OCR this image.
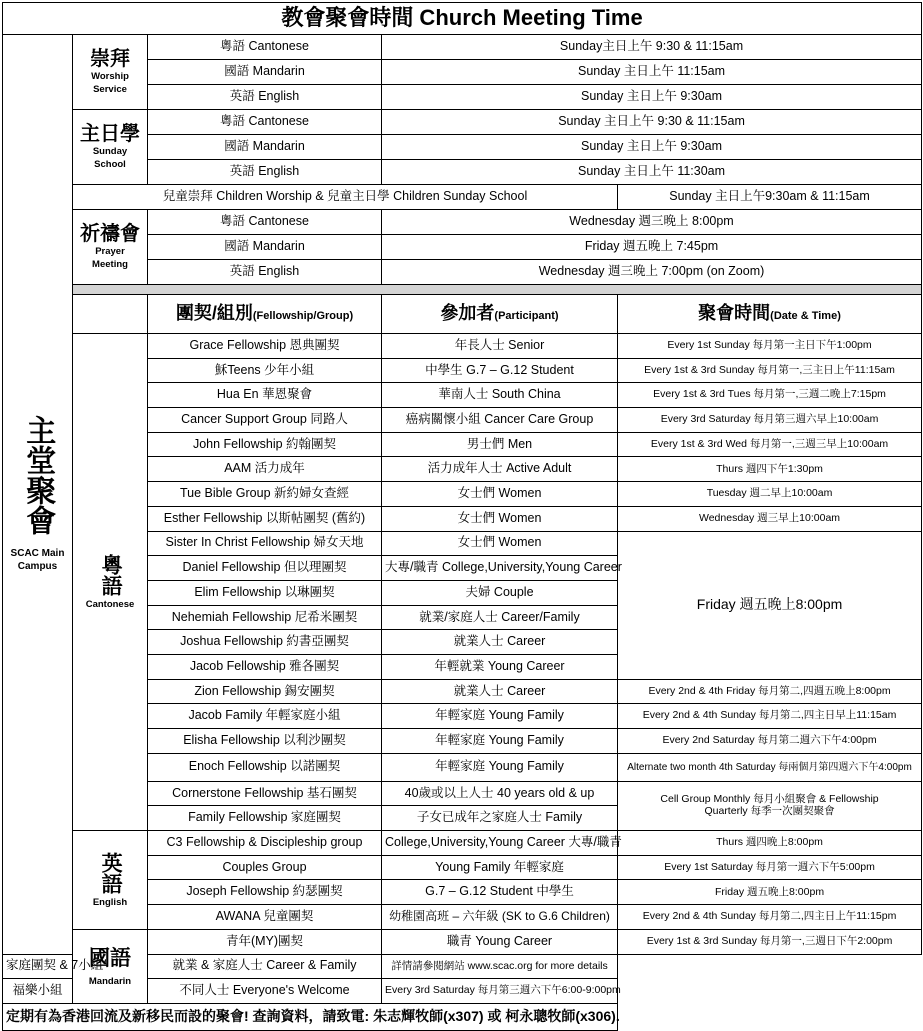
教會聚會時間 Church Meeting Time				

主堂聚會
SCAC Main Campus	崇拜
Worship Service	粵語 Cantonese	Sunday主日上午 9:30 & 11:15am	
		國語 Mandarin	Sunday 主日上午 11:15am	
		英語 English	Sunday 主日上午 9:30am	

	主日學
Sunday School	粵語 Cantonese	Sunday 主日上午 9:30 & 11:15am	
		國語 Mandarin	Sunday 主日上午 9:30am	
		英語 English	Sunday 主日上午 11:30am	
	兒童崇拜 Children Worship & 兒童主日學 Children Sunday School			Sunday 主日上午9:30am & 11:15am

	祈禱會
Prayer Meeting	粵語 Cantonese	Wednesday 週三晚上 8:00pm	
		國語 Mandarin	Friday 週五晚上 7:45pm	
		英語 English	Wednesday 週三晚上 7:00pm (on Zoom)	

		團契/組別(Fellowship/Group)	參加者(Participant)	聚會時間(Date & Time)

	粵語
Cantonese	Grace Fellowship 恩典團契	年長人士 Senior	Every 1st Sunday 每月第一主日下午1:00pm
		穌Teens 少年小組	中學生 G.7 – G.12 Student	Every 1st & 3rd Sunday 每月第一,三主日上午11:15am
		Hua En 華恩聚會	華南人士 South China	Every 1st & 3rd Tues 每月第一,三週二晚上7:15pm
		Cancer Support Group 同路人	癌病關懷小組 Cancer Care Group	Every 3rd Saturday 每月第三週六早上10:00am
		John Fellowship 約翰團契	男士們 Men	Every 1st & 3rd Wed 每月第一,三週三早上10:00am
		AAM 活力成年	活力成年人士 Active Adult	Thurs 週四下午1:30pm
		Tue Bible Group 新約婦女查經	女士們 Women	Tuesday 週二早上10:00am
		Esther Fellowship 以斯帖團契 (舊約)	女士們 Women	Wednesday 週三早上10:00am
		Sister In Christ Fellowship 婦女天地	女士們 Women	Friday 週五晚上8:00pm
		Daniel Fellowship 但以理團契	大專/職青 College,University,Young Career	
		Elim Fellowship 以琳團契	夫婦 Couple	
		Nehemiah Fellowship 尼希米團契	就業/家庭人士 Career/Family	
		Joshua Fellowship 約書亞團契	就業人士 Career	
		Jacob Fellowship 雅各團契	年輕就業 Young Career	
		Zion Fellowship 錫安團契	就業人士 Career	Every 2nd & 4th Friday 每月第二,四週五晚上8:00pm
		Jacob Family 年輕家庭小組	年輕家庭 Young Family	Every 2nd & 4th Sunday 每月第二,四主日早上11:15am
		Elisha Fellowship 以利沙團契	年輕家庭 Young Family	Every 2nd Saturday 每月第二週六下午4:00pm
		Enoch Fellowship 以諾團契	年輕家庭 Young Family	Alternate two month 4th Saturday 每兩個月第四週六下午4:00pm
		Cornerstone Fellowship 基石團契	40歲或以上人士 40 years old & up	Cell Group Monthly 每月小組聚會 & Fellowship Quarterly 每季一次團契聚會
		Family Fellowship 家庭團契	子女已成年之家庭人士 Family	

	英語
English	C3 Fellowship & Discipleship group	College,University,Young Career 大專/職青	Thurs 週四晚上8:00pm
		Couples Group	Young Family 年輕家庭	Every 1st Saturday 每月第一週六下午5:00pm
		Joseph Fellowship 約瑟團契	G.7 – G.12 Student 中學生	Friday 週五晚上8:00pm
		AWANA 兒童團契	幼稚園高班 – 六年級 (SK to G.6 Children)	Every 2nd & 4th Sunday 每月第二,四主日上午11:15pm

	國語
Mandarin	青年(MY)團契	職青 Young Career	Every 1st & 3rd Sunday 每月第一,三週日下午2:00pm
家庭團契 & 7小組		就業 & 家庭人士 Career & Family	詳情請參閱網站 www.scac.org for more details	
福樂小組		不同人士 Everyone's Welcome	Every 3rd Saturday 每月第三週六下午6:00-9:00pm	
定期有為香港回流及新移民而設的聚會! 查詢資料，請致電: 朱志輝牧師(x307) 或 柯永聰牧師(x306).				
